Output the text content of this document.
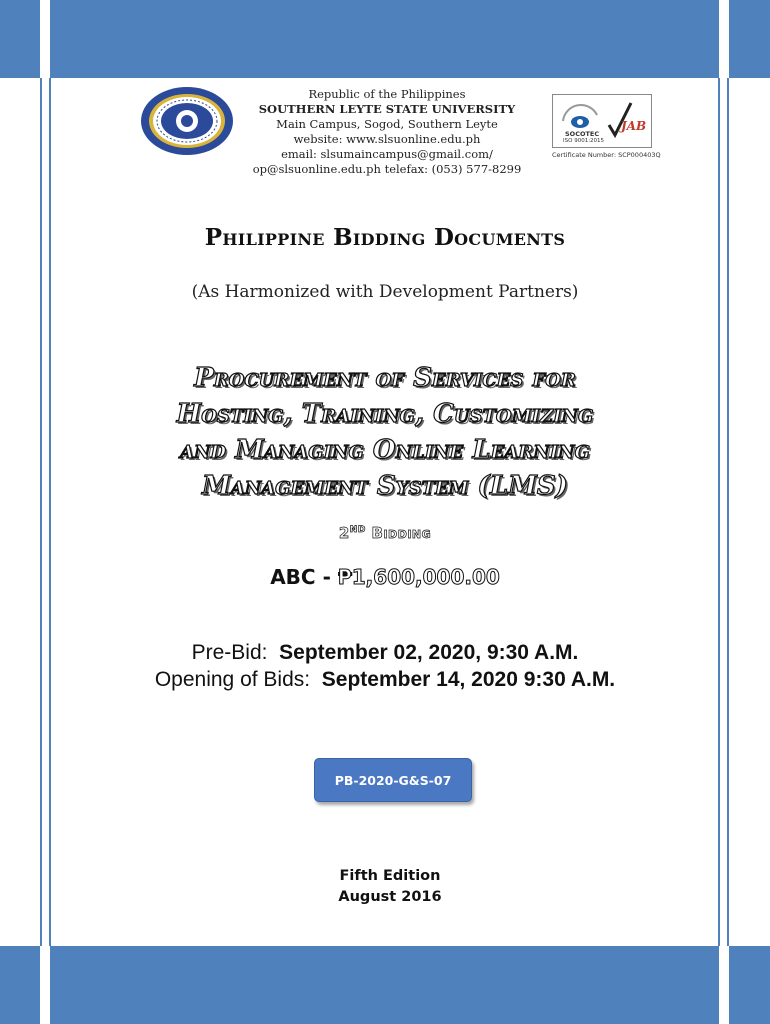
Republic of the Philippines
SOUTHERN LEYTE STATE UNIVERSITY
Main Campus, Sogod, Southern Leyte
website: www.slsuonline.edu.ph
email: slsumaincampus@gmail.com/
op@slsuonline.edu.ph telefax: (053) 577-8299
SOCOTEC
ISO 9001:2015
JAB
Certificate Number: SCP000403Q
Philippine Bidding Documents
(As Harmonized with Development Partners)
Procurement of Services for
Hosting, Training, Customizing
and Managing Online Learning
Management System (LMS)
2ND Bidding
ABC - ₱1,600,000.00
Pre-Bid:  September 02, 2020, 9:30 A.M.
Opening of Bids:  September 14, 2020 9:30 A.M.
PB-2020-G&S-07
Fifth Edition
August 2016
